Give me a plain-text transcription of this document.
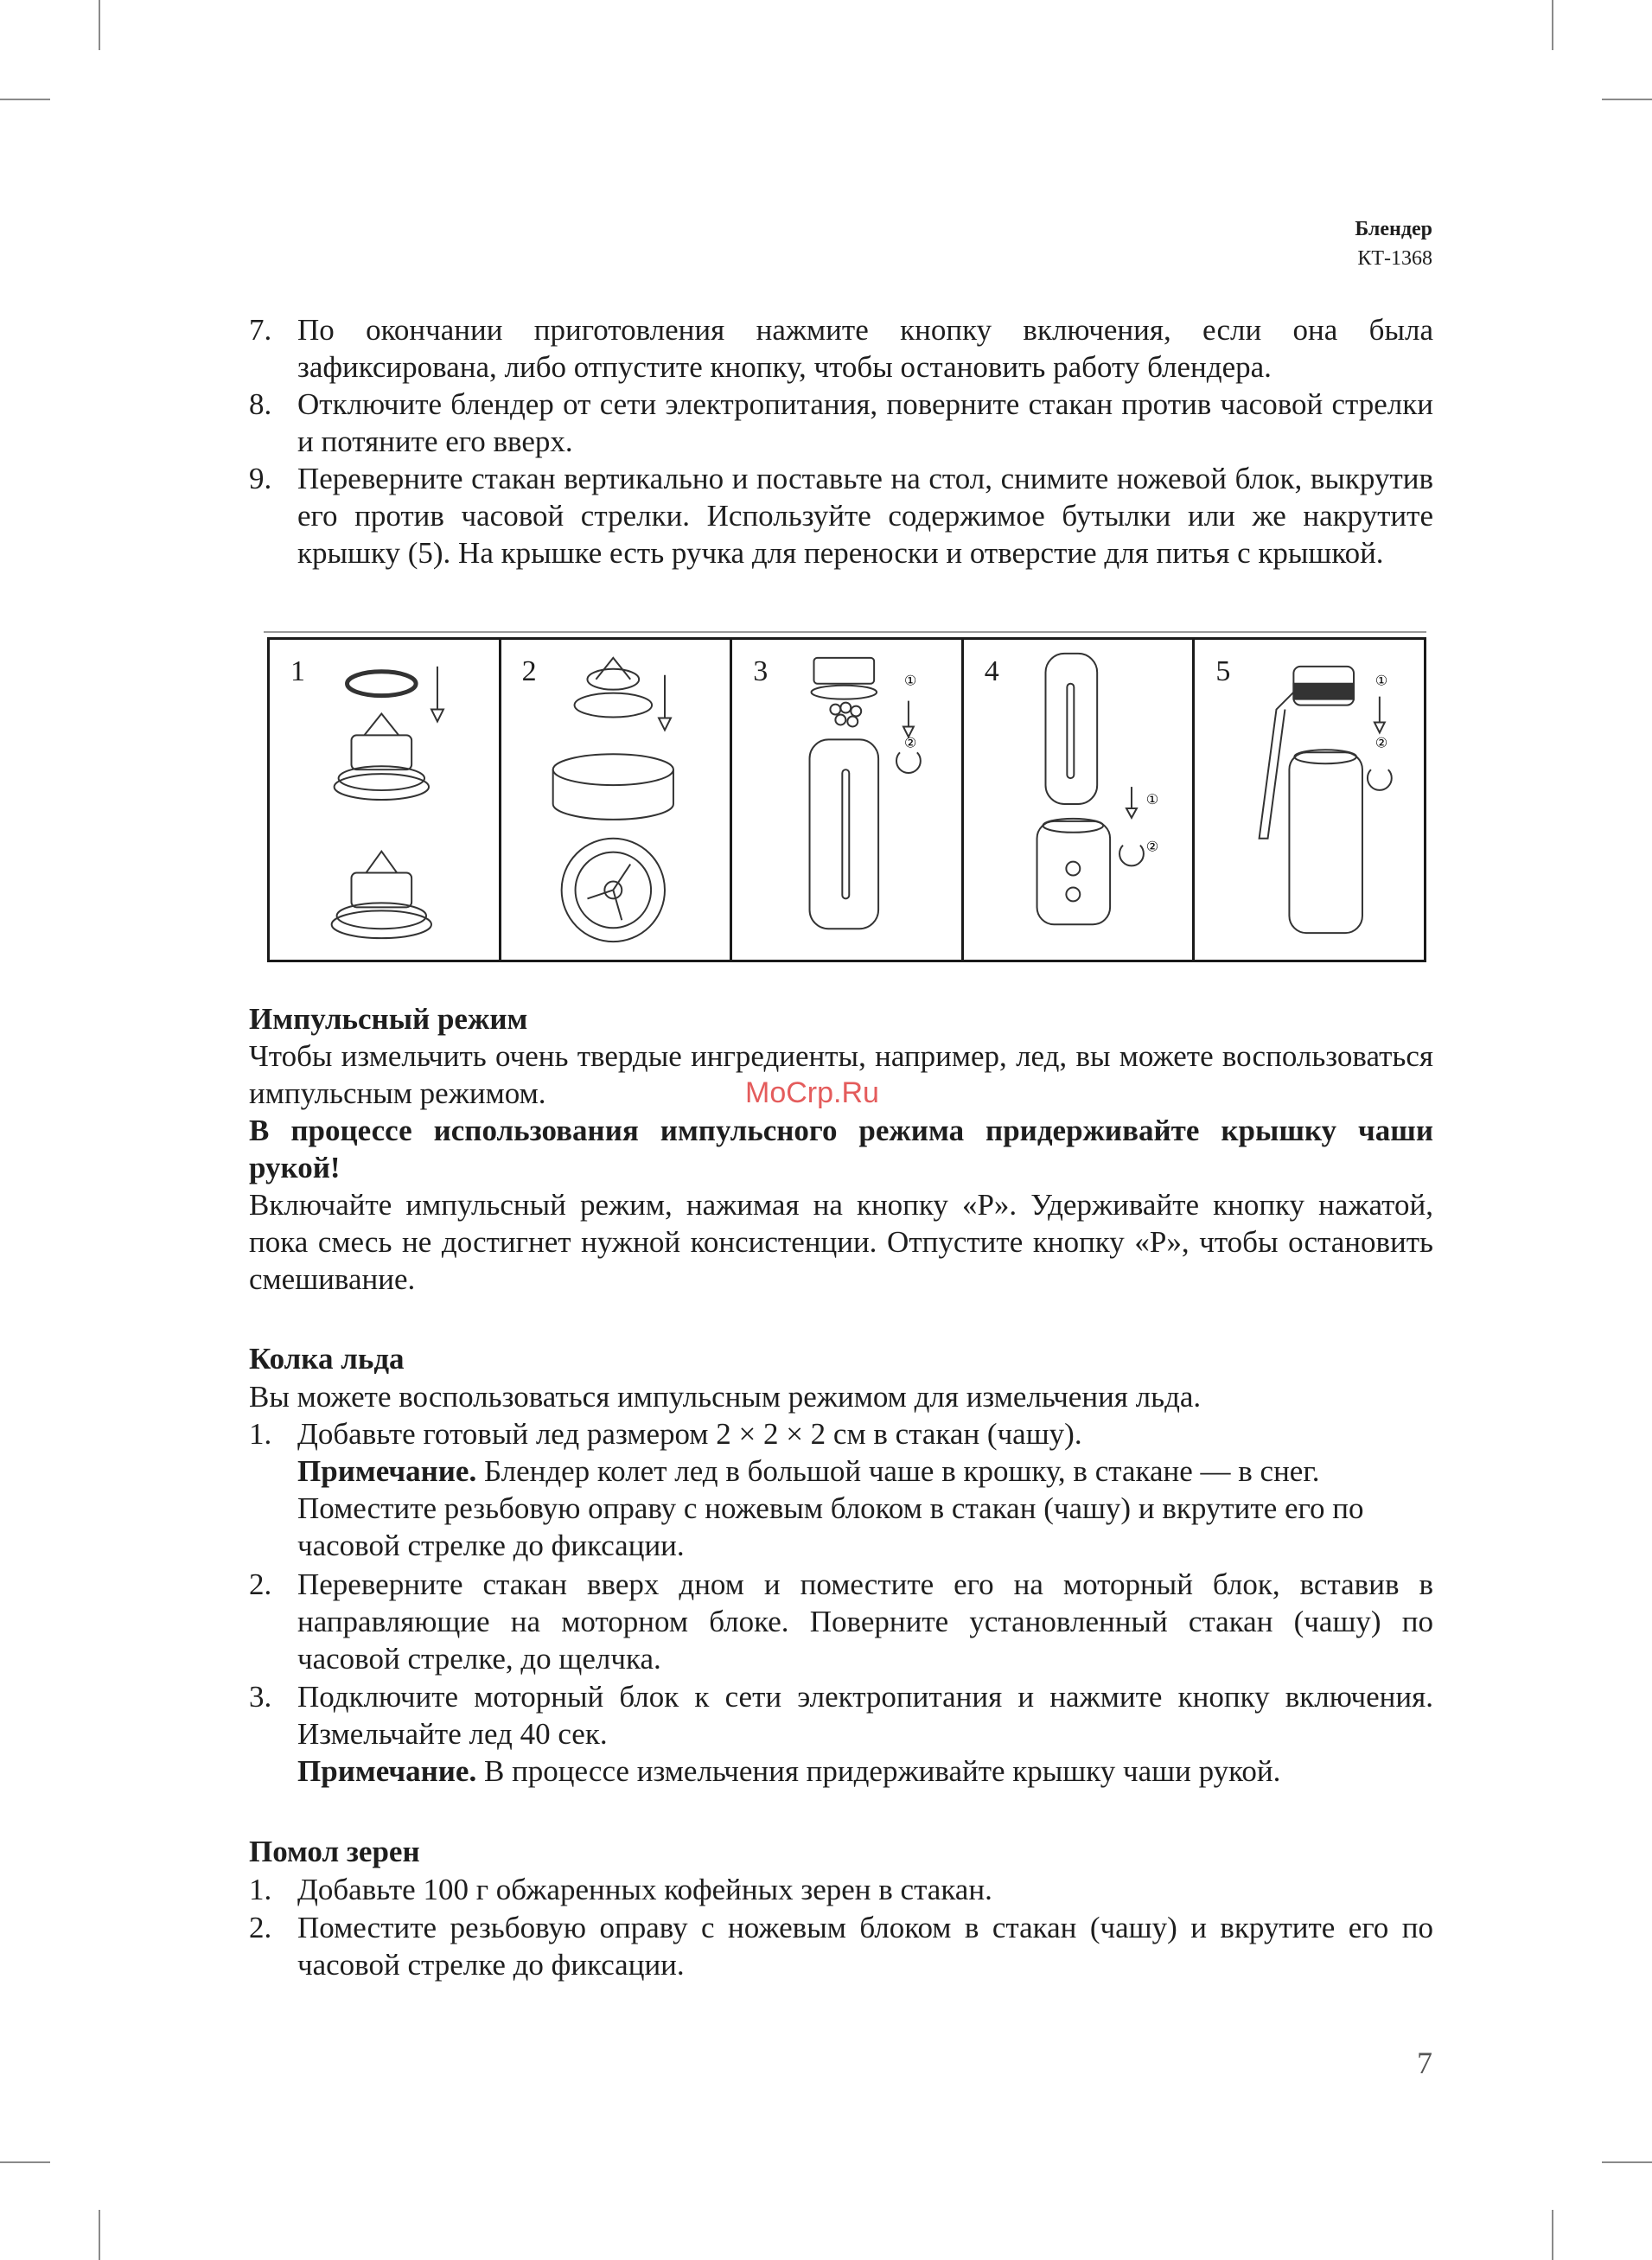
Блендер
КТ-1368
7. По окончании приготовления нажмите кнопку включения, если она была зафиксирована, либо отпустите кнопку, чтобы остановить работу блендера.
8. Отключите блендер от сети электропитания, поверните стакан против часовой стрелки и потяните его вверх.
9. Переверните стакан вертикально и поставьте на стол, снимите ножевой блок, выкрутив его против часовой стрелки. Используйте содержимое бутылки или же накрутите крышку (5). На крышке есть ручка для переноски и отверстие для питья с крышкой.
1	2	3	①
②
4
①
②
5	①
②
Импульсный режим
Чтобы измельчить очень твердые ингредиенты, например, лед, вы можете воспользоваться импульсным режимом.
В процессе использования импульсного режима придерживайте крышку чаши рукой!
MoCrp.Ru
Включайте импульсный режим, нажимая на кнопку «P». Удерживайте кнопку нажатой, пока смесь не достигнет нужной консистенции. Отпустите кнопку «P», чтобы остановить смешивание.
Колка льда
Вы можете воспользоваться импульсным режимом для измельчения льда.
1. Добавьте готовый лед размером 2 × 2 × 2 см в стакан (чашу).
Примечание. Блендер колет лед в большой чаше в крошку, в стакане — в снег. Поместите резьбовую оправу с ножевым блоком в стакан (чашу) и вкрутите его по часовой стрелке до фиксации.
2. Переверните стакан вверх дном и поместите его на моторный блок, вставив в направляющие на моторном блоке. Поверните установленный стакан (чашу) по часовой стрелке, до щелчка.
3. Подключите моторный блок к сети электропитания и нажмите кнопку включения. Измельчайте лед 40 сек.
Примечание. В процессе измельчения придерживайте крышку чаши рукой.
Помол зерен
1. Добавьте 100 г обжаренных кофейных зерен в стакан.
2. Поместите резьбовую оправу с ножевым блоком в стакан (чашу) и вкрутите его по часовой стрелке до фиксации.
7
